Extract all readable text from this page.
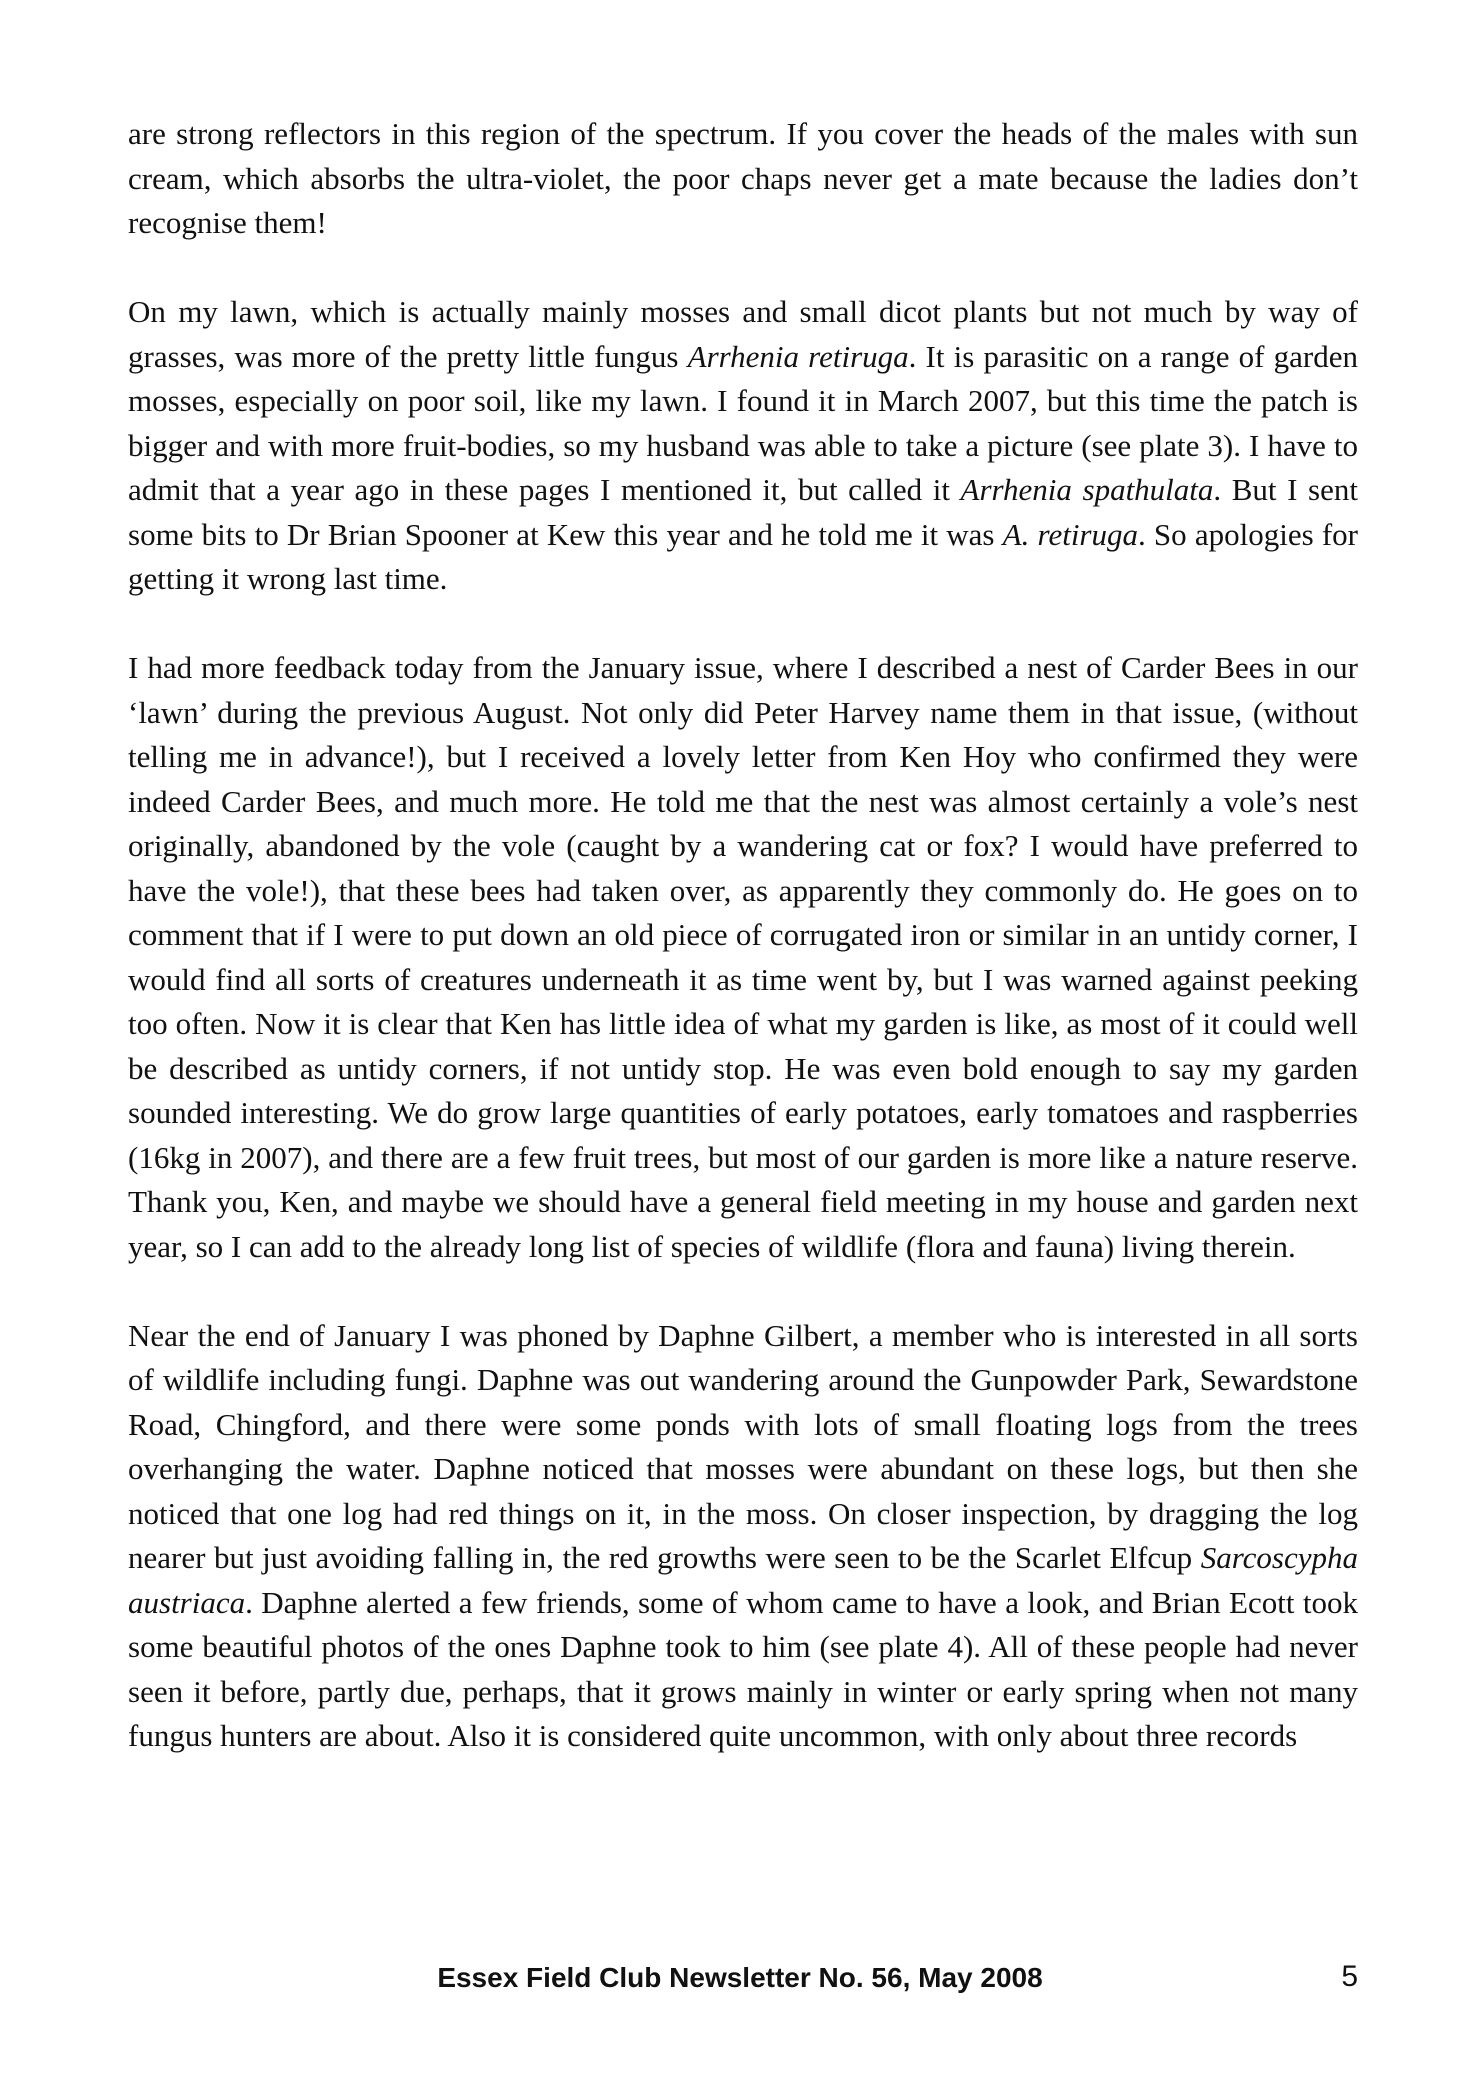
are strong reflectors in this region of the spectrum. If you cover the heads of the males with sun cream, which absorbs the ultra-violet, the poor chaps never get a mate because the ladies don’t recognise them!

On my lawn, which is actually mainly mosses and small dicot plants but not much by way of grasses, was more of the pretty little fungus Arrhenia retiruga. It is parasitic on a range of garden mosses, especially on poor soil, like my lawn. I found it in March 2007, but this time the patch is bigger and with more fruit-bodies, so my husband was able to take a picture (see plate 3). I have to admit that a year ago in these pages I mentioned it, but called it Arrhenia spathulata. But I sent some bits to Dr Brian Spooner at Kew this year and he told me it was A. retiruga. So apologies for getting it wrong last time.

I had more feedback today from the January issue, where I described a nest of Carder Bees in our ‘lawn’ during the previous August. Not only did Peter Harvey name them in that issue, (without telling me in advance!), but I received a lovely letter from Ken Hoy who confirmed they were indeed Carder Bees, and much more. He told me that the nest was almost certainly a vole’s nest originally, abandoned by the vole (caught by a wandering cat or fox? I would have preferred to have the vole!), that these bees had taken over, as apparently they commonly do. He goes on to comment that if I were to put down an old piece of corrugated iron or similar in an untidy corner, I would find all sorts of creatures underneath it as time went by, but I was warned against peeking too often. Now it is clear that Ken has little idea of what my garden is like, as most of it could well be described as untidy corners, if not untidy stop. He was even bold enough to say my garden sounded interesting. We do grow large quantities of early potatoes, early tomatoes and raspberries (16kg in 2007), and there are a few fruit trees, but most of our garden is more like a nature reserve. Thank you, Ken, and maybe we should have a general field meeting in my house and garden next year, so I can add to the already long list of species of wildlife (flora and fauna) living therein.

Near the end of January I was phoned by Daphne Gilbert, a member who is interested in all sorts of wildlife including fungi. Daphne was out wandering around the Gunpowder Park, Sewardstone Road, Chingford, and there were some ponds with lots of small floating logs from the trees overhanging the water. Daphne noticed that mosses were abundant on these logs, but then she noticed that one log had red things on it, in the moss. On closer inspection, by dragging the log nearer but just avoiding falling in, the red growths were seen to be the Scarlet Elfcup Sarcoscypha austriaca. Daphne alerted a few friends, some of whom came to have a look, and Brian Ecott took some beautiful photos of the ones Daphne took to him (see plate 4). All of these people had never seen it before, partly due, perhaps, that it grows mainly in winter or early spring when not many fungus hunters are about. Also it is considered quite uncommon, with only about three records

Essex Field Club Newsletter No. 56, May 2008	5
